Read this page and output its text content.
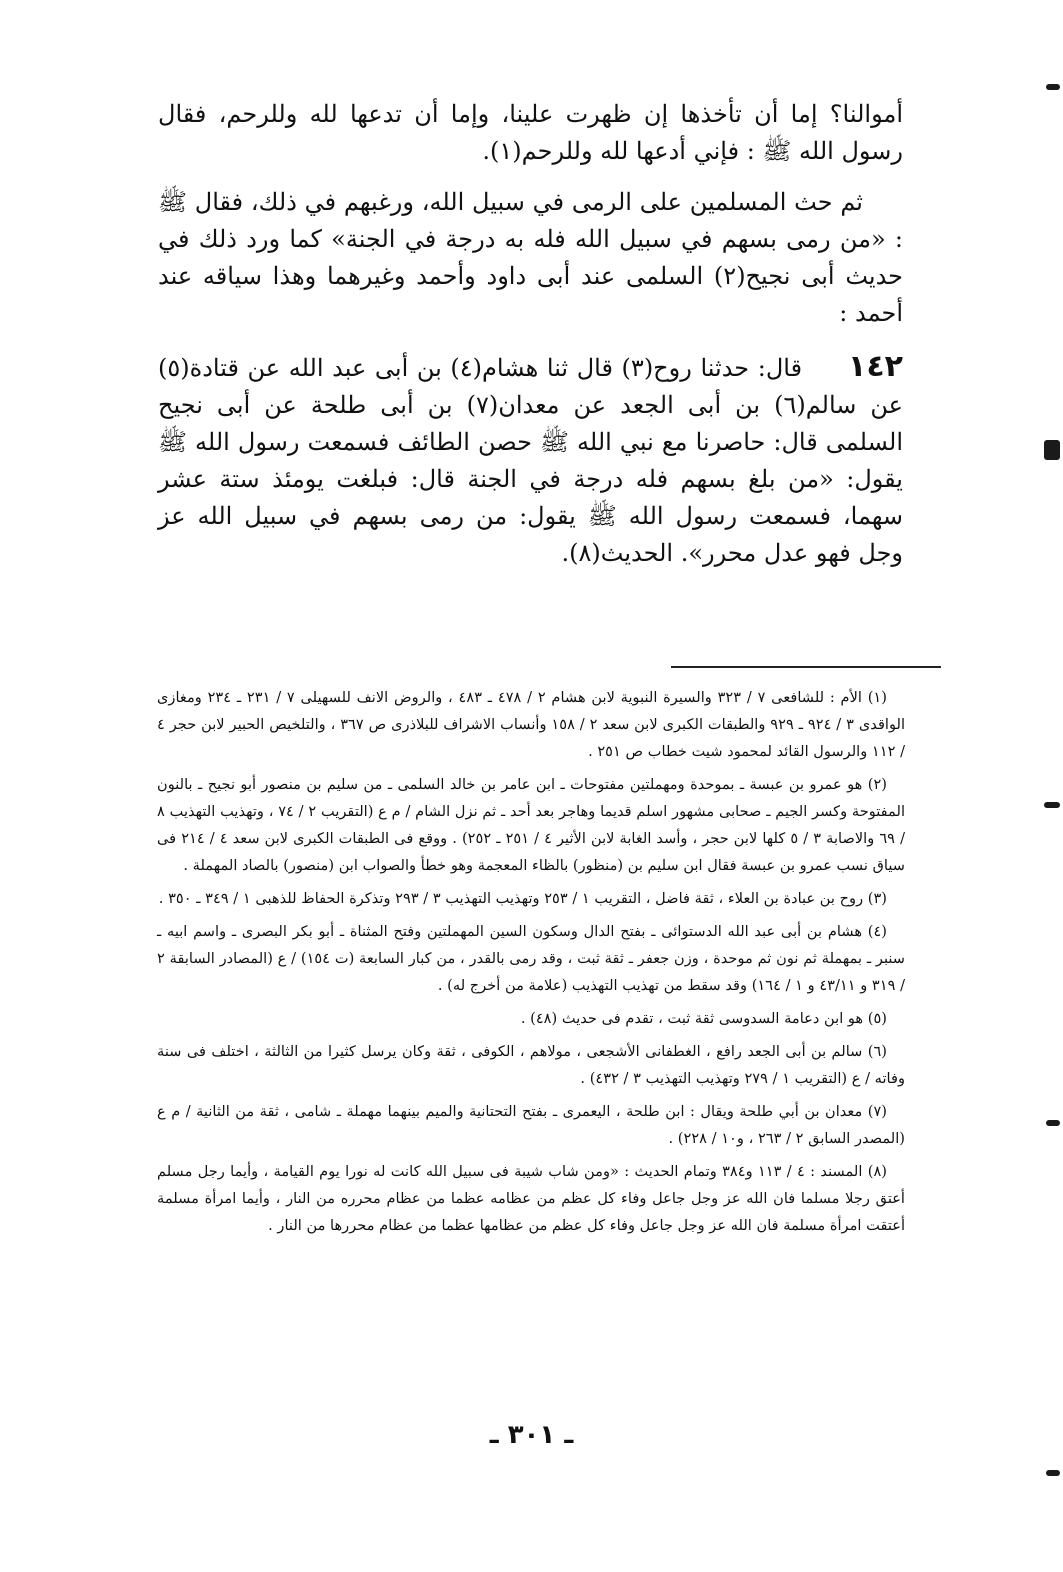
أموالنا؟ إما أن تأخذها إن ظهرت علينا، وإما أن تدعها لله وللرحم، فقال رسول الله ﷺ : فإني أدعها لله وللرحم(١).

ثم حث المسلمين على الرمى في سبيل الله، ورغبهم في ذلك، فقال ﷺ : «من رمى بسهم في سبيل الله فله به درجة في الجنة» كما ورد ذلك في حديث أبى نجيح(٢) السلمى عند أبى داود وأحمد وغيرهما وهذا سياقه عند أحمد :

١٤٢قال: حدثنا روح(٣) قال ثنا هشام(٤) بن أبى عبد الله عن قتادة(٥) عن سالم(٦) بن أبى الجعد عن معدان(٧) بن أبى طلحة عن أبى نجيح السلمى قال: حاصرنا مع نبي الله ﷺ حصن الطائف فسمعت رسول الله ﷺ يقول: «من بلغ بسهم فله درجة في الجنة قال: فبلغت يومئذ ستة عشر سهما، فسمعت رسول الله ﷺ يقول: من رمى بسهم في سبيل الله عز وجل فهو عدل محرر». الحديث(٨).

(١) الأم : للشافعى ٧ / ٣٢٣ والسيرة النبوية لابن هشام ٢ / ٤٧٨ ـ ٤٨٣ ، والروض الانف للسهيلى ٧ / ٢٣١ ـ ٢٣٤ ومغازى الواقدى ٣ / ٩٢٤ ـ ٩٢٩ والطبقات الكبرى لابن سعد ٢ / ١٥٨ وأنساب الاشراف للبلاذرى ص ٣٦٧ ، والتلخيص الحبير لابن حجر ٤ / ١١٢ والرسول القائد لمحمود شيت خطاب ص ٢٥١ .

(٢) هو عمرو بن عبسة ـ بموحدة ومهملتين مفتوحات ـ ابن عامر بن خالد السلمى ـ من سليم بن منصور أبو نجيح ـ بالنون المفتوحة وكسر الجيم ـ صحابى مشهور اسلم قديما وهاجر بعد أحد ـ ثم نزل الشام / م ع (التقريب ٢ / ٧٤ ، وتهذيب التهذيب ٨ / ٦٩ والاصابة ٣ / ٥ كلها لابن حجر ، وأسد الغابة لابن الأثير ٤ / ٢٥١ ـ ٢٥٢) . ووقع فى الطبقات الكبرى لابن سعد ٤ / ٢١٤ فى سياق نسب عمرو بن عبسة فقال ابن سليم بن (منظور) بالظاء المعجمة وهو خطأ والصواب ابن (منصور) بالصاد المهملة .

(٣) روح بن عبادة بن العلاء ، ثقة فاضل ، التقريب ١ / ٢٥٣ وتهذيب التهذيب ٣ / ٢٩٣ وتذكرة الحفاظ للذهبى ١ / ٣٤٩ ـ ٣٥٠ .

(٤) هشام بن أبى عبد الله الدستوائى ـ بفتح الدال وسكون السين المهملتين وفتح المثناة ـ أبو بكر البصرى ـ واسم ابيه ـ سنبر ـ بمهملة ثم نون ثم موحدة ، وزن جعفر ـ ثقة ثبت ، وقد رمى بالقدر ، من كبار السابعة (ت ١٥٤) / ع (المصادر السابقة ٢ / ٣١٩ و ٤٣/١١ و ١ / ١٦٤) وقد سقط من تهذيب التهذيب (علامة من أخرج له) .

(٥) هو ابن دعامة السدوسى ثقة ثبت ، تقدم فى حديث (٤٨) .

(٦) سالم بن أبى الجعد رافع ، الغطفانى الأشجعى ، مولاهم ، الكوفى ، ثقة وكان يرسل كثيرا من الثالثة ، اختلف فى سنة وفاته / ع (التقريب ١ / ٢٧٩ وتهذيب التهذيب ٣ / ٤٣٢) .

(٧) معدان بن أبي طلحة ويقال : ابن طلحة ، اليعمرى ـ بفتح التحتانية والميم بينهما مهملة ـ شامى ، ثقة من الثانية / م ع (المصدر السابق ٢ / ٢٦٣ ، و١٠ / ٢٢٨) .

(٨) المسند : ٤ / ١١٣ و٣٨٤ وتمام الحديث : «ومن شاب شيبة فى سبيل الله كانت له نورا يوم القيامة ، وأيما رجل مسلم أعتق رجلا مسلما فان الله عز وجل جاعل وفاء كل عظم من عظامه عظما من عظام محرره من النار ، وأيما امرأة مسلمة أعتقت امرأة مسلمة فان الله عز وجل جاعل وفاء كل عظم من عظامها عظما من عظام محررها من النار .

ـ ٣٠١ ـ
